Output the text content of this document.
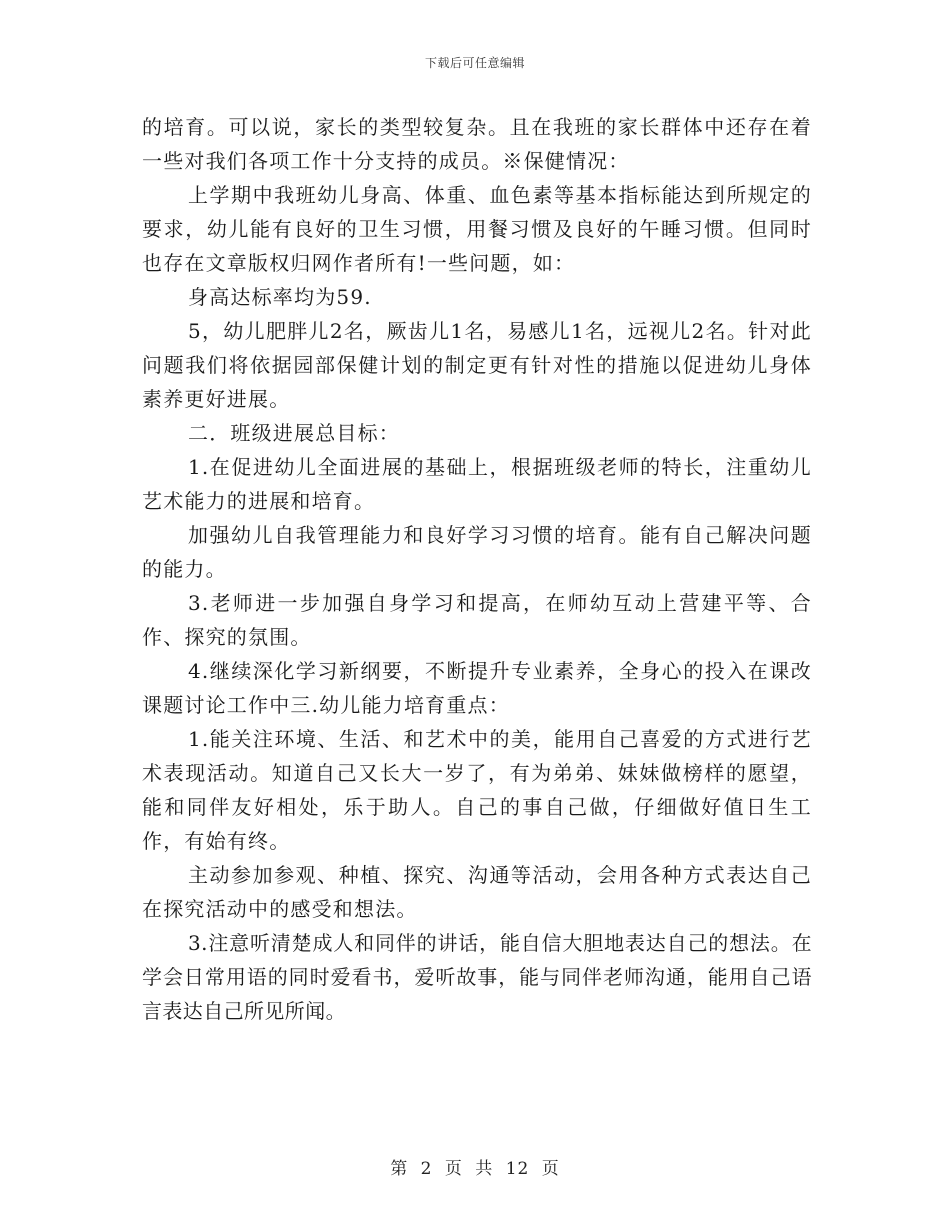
下载后可任意编辑

的培育。可以说，家长的类型较复杂。且在我班的家长群体中还存在着一些对我们各项工作十分支持的成员。※保健情况：

上学期中我班幼儿身高、体重、血色素等基本指标能达到所规定的要求，幼儿能有良好的卫生习惯，用餐习惯及良好的午睡习惯。但同时也存在文章版权归网作者所有!一些问题，如：

身高达标率均为59.

5，幼儿肥胖儿2名，厥齿儿1名，易感儿1名，远视儿2名。针对此问题我们将依据园部保健计划的制定更有针对性的措施以促进幼儿身体素养更好进展。

二．班级进展总目标：

1.在促进幼儿全面进展的基础上，根据班级老师的特长，注重幼儿艺术能力的进展和培育。

加强幼儿自我管理能力和良好学习习惯的培育。能有自己解决问题的能力。

3.老师进一步加强自身学习和提高，在师幼互动上营建平等、合作、探究的氛围。

4.继续深化学习新纲要，不断提升专业素养，全身心的投入在课改课题讨论工作中三.幼儿能力培育重点：

1.能关注环境、生活、和艺术中的美，能用自己喜爱的方式进行艺术表现活动。知道自己又长大一岁了，有为弟弟、妹妹做榜样的愿望，能和同伴友好相处，乐于助人。自己的事自己做，仔细做好值日生工作，有始有终。

主动参加参观、种植、探究、沟通等活动，会用各种方式表达自己在探究活动中的感受和想法。

3.注意听清楚成人和同伴的讲话，能自信大胆地表达自己的想法。在学会日常用语的同时爱看书，爱听故事，能与同伴老师沟通，能用自己语言表达自己所见所闻。

第 2 页 共 12 页
